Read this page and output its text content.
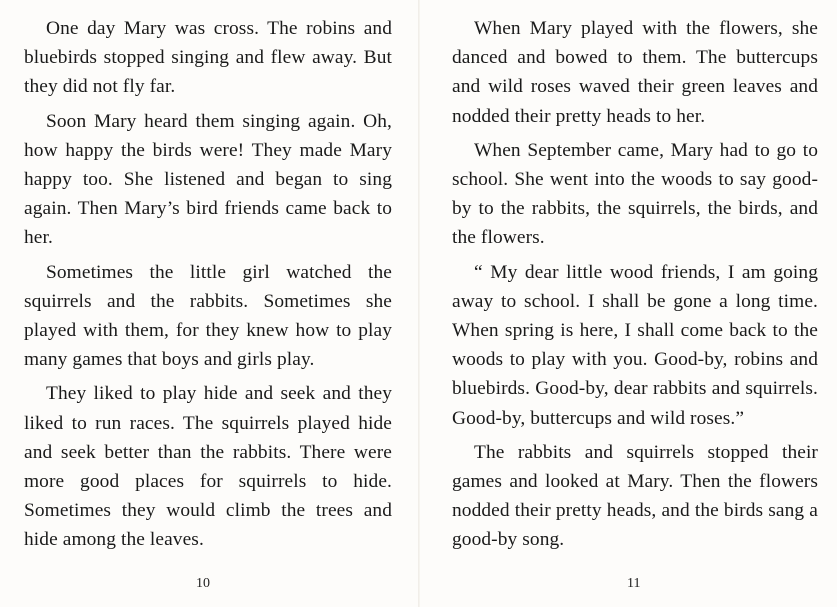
One day Mary was cross. The robins and bluebirds stopped singing and flew away. But they did not fly far.

Soon Mary heard them singing again. Oh, how happy the birds were! They made Mary happy too. She listened and began to sing again. Then Mary’s bird friends came back to her.

Sometimes the little girl watched the squirrels and the rabbits. Sometimes she played with them, for they knew how to play many games that boys and girls play.

They liked to play hide and seek and they liked to run races. The squirrels played hide and seek better than the rabbits. There were more good places for squirrels to hide. Sometimes they would climb the trees and hide among the leaves.

10

When Mary played with the flowers, she danced and bowed to them. The buttercups and wild roses waved their green leaves and nodded their pretty heads to her.

When September came, Mary had to go to school. She went into the woods to say good-by to the rabbits, the squirrels, the birds, and the flowers.

“ My dear little wood friends, I am going away to school. I shall be gone a long time. When spring is here, I shall come back to the woods to play with you. Good-by, robins and bluebirds. Good-by, dear rabbits and squirrels. Good-by, buttercups and wild roses.”

The rabbits and squirrels stopped their games and looked at Mary. Then the flowers nodded their pretty heads, and the birds sang a good-by song.

11
